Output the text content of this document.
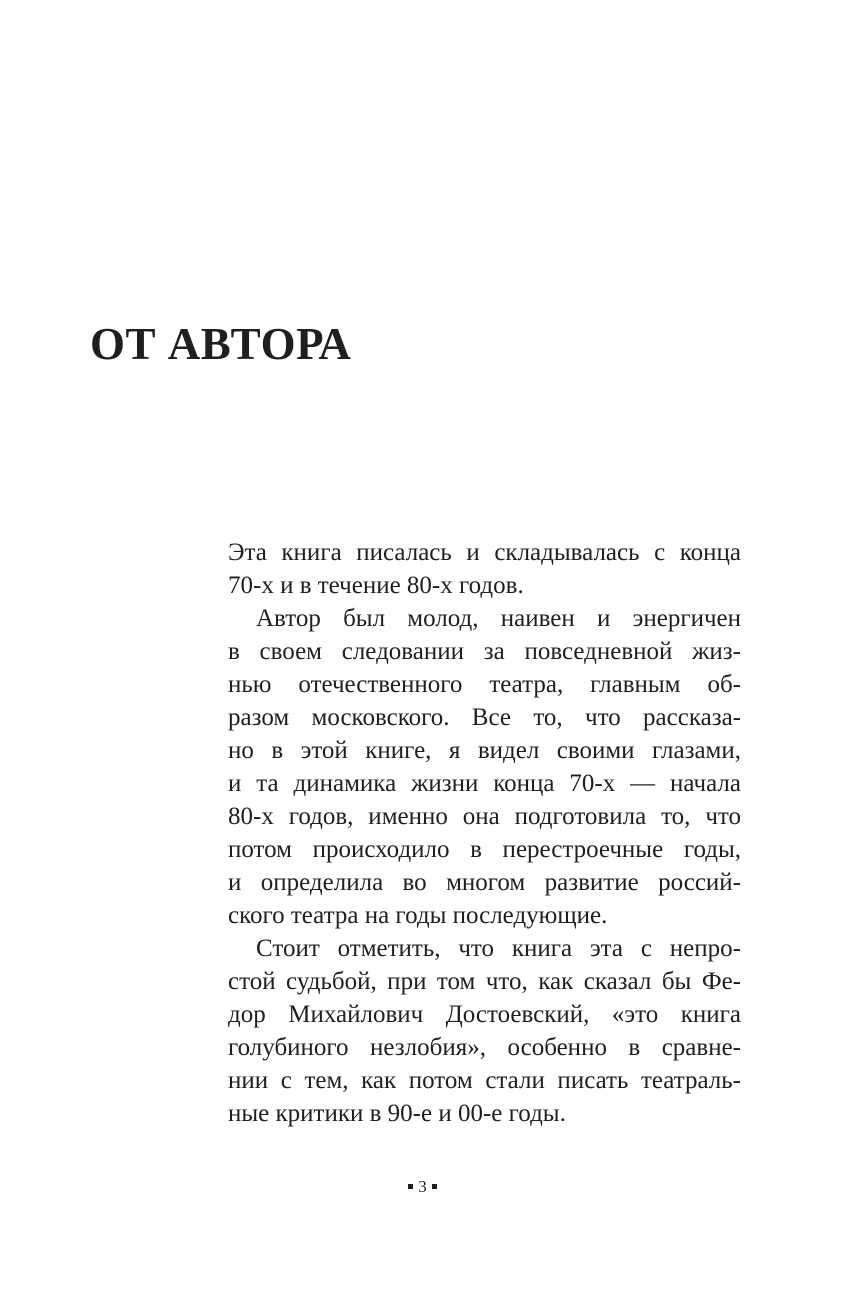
ОТ АВТОРА
Эта книга писалась и складывалась с конца
70-х и в течение 80-х годов.
Автор был молод, наивен и энергичен
в своем следовании за повседневной жиз-
нью отечественного театра, главным об-
разом московского. Все то, что рассказа-
но в этой книге, я видел своими глазами,
и та динамика жизни конца 70-х — начала
80-х годов, именно она подготовила то, что
потом происходило в перестроечные годы,
и определила во многом развитие россий-
ского театра на годы последующие.
Стоит отметить, что книга эта с непро-
стой судьбой, при том что, как сказал бы Фе-
дор Михайлович Достоевский, «это книга
голубиного незлобия», особенно в сравне-
нии с тем, как потом стали писать театраль-
ные критики в 90-е и 00-е годы.
3
